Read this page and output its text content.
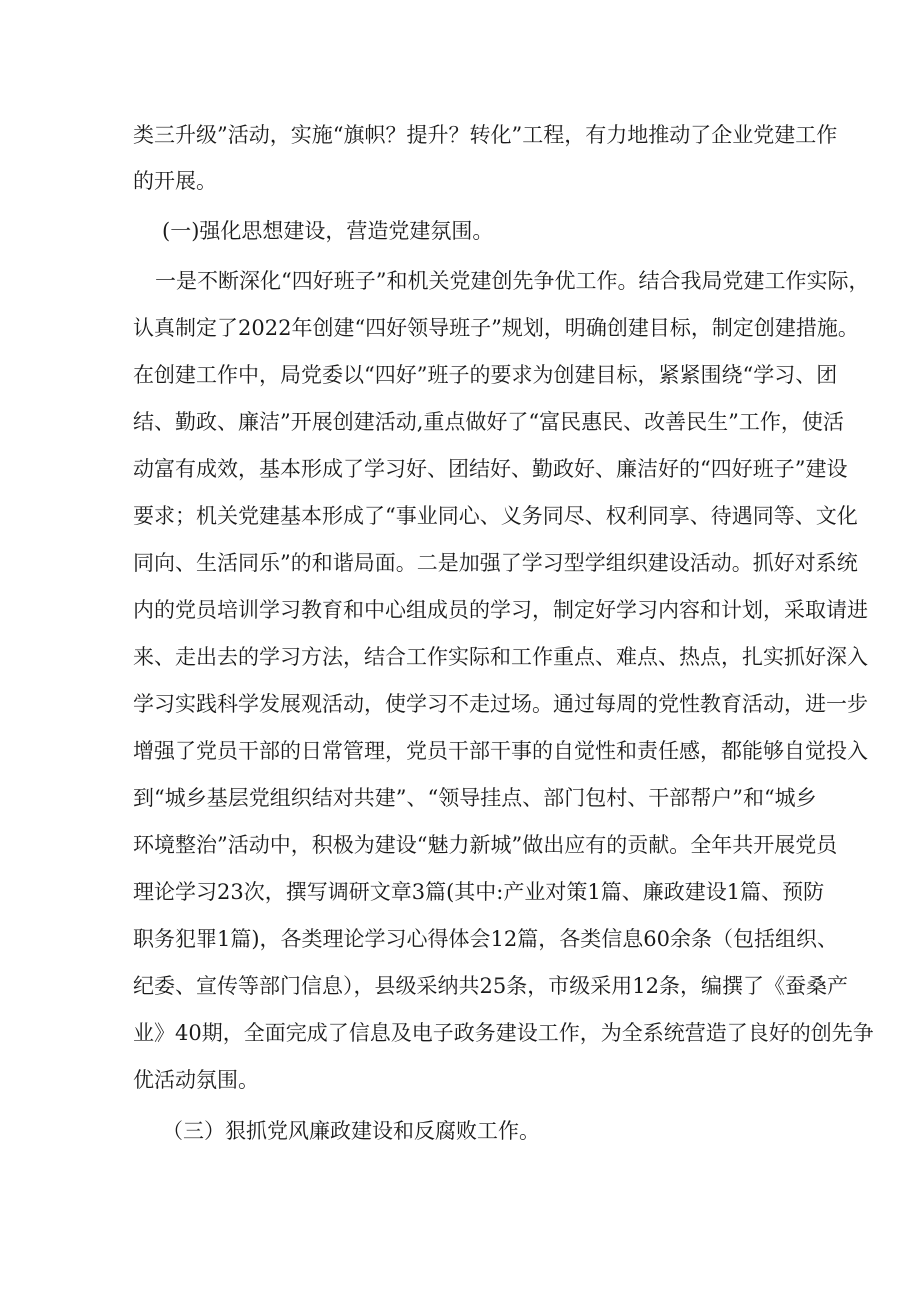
类三升级”活动，实施“旗帜？提升？转化”工程，有力地推动了企业党建工作
的开展。
(一)强化思想建设，营造党建氛围。
一是不断深化“四好班子”和机关党建创先争优工作。结合我局党建工作实际，
认真制定了2022年创建“四好领导班子”规划，明确创建目标，制定创建措施。
在创建工作中，局党委以“四好”班子的要求为创建目标，紧紧围绕“学习、团
结、勤政、廉洁”开展创建活动,重点做好了“富民惠民、改善民生”工作，使活
动富有成效，基本形成了学习好、团结好、勤政好、廉洁好的“四好班子”建设
要求；机关党建基本形成了“事业同心、义务同尽、权利同享、待遇同等、文化
同向、生活同乐”的和谐局面。二是加强了学习型学组织建设活动。抓好对系统
内的党员培训学习教育和中心组成员的学习，制定好学习内容和计划，采取请进
来、走出去的学习方法，结合工作实际和工作重点、难点、热点，扎实抓好深入
学习实践科学发展观活动，使学习不走过场。通过每周的党性教育活动，进一步
增强了党员干部的日常管理，党员干部干事的自觉性和责任感，都能够自觉投入
到“城乡基层党组织结对共建”、“领导挂点、部门包村、干部帮户”和“城乡
环境整治”活动中，积极为建设“魅力新城”做出应有的贡献。全年共开展党员
理论学习23次，撰写调研文章3篇(其中:产业对策1篇、廉政建设1篇、预防
职务犯罪1篇)，各类理论学习心得体会12篇，各类信息60余条（包括组织、
纪委、宣传等部门信息），县级采纳共25条，市级采用12条，编撰了《蚕桑产
业》40期，全面完成了信息及电子政务建设工作，为全系统营造了良好的创先争
优活动氛围。
（三）狠抓党风廉政建设和反腐败工作。
